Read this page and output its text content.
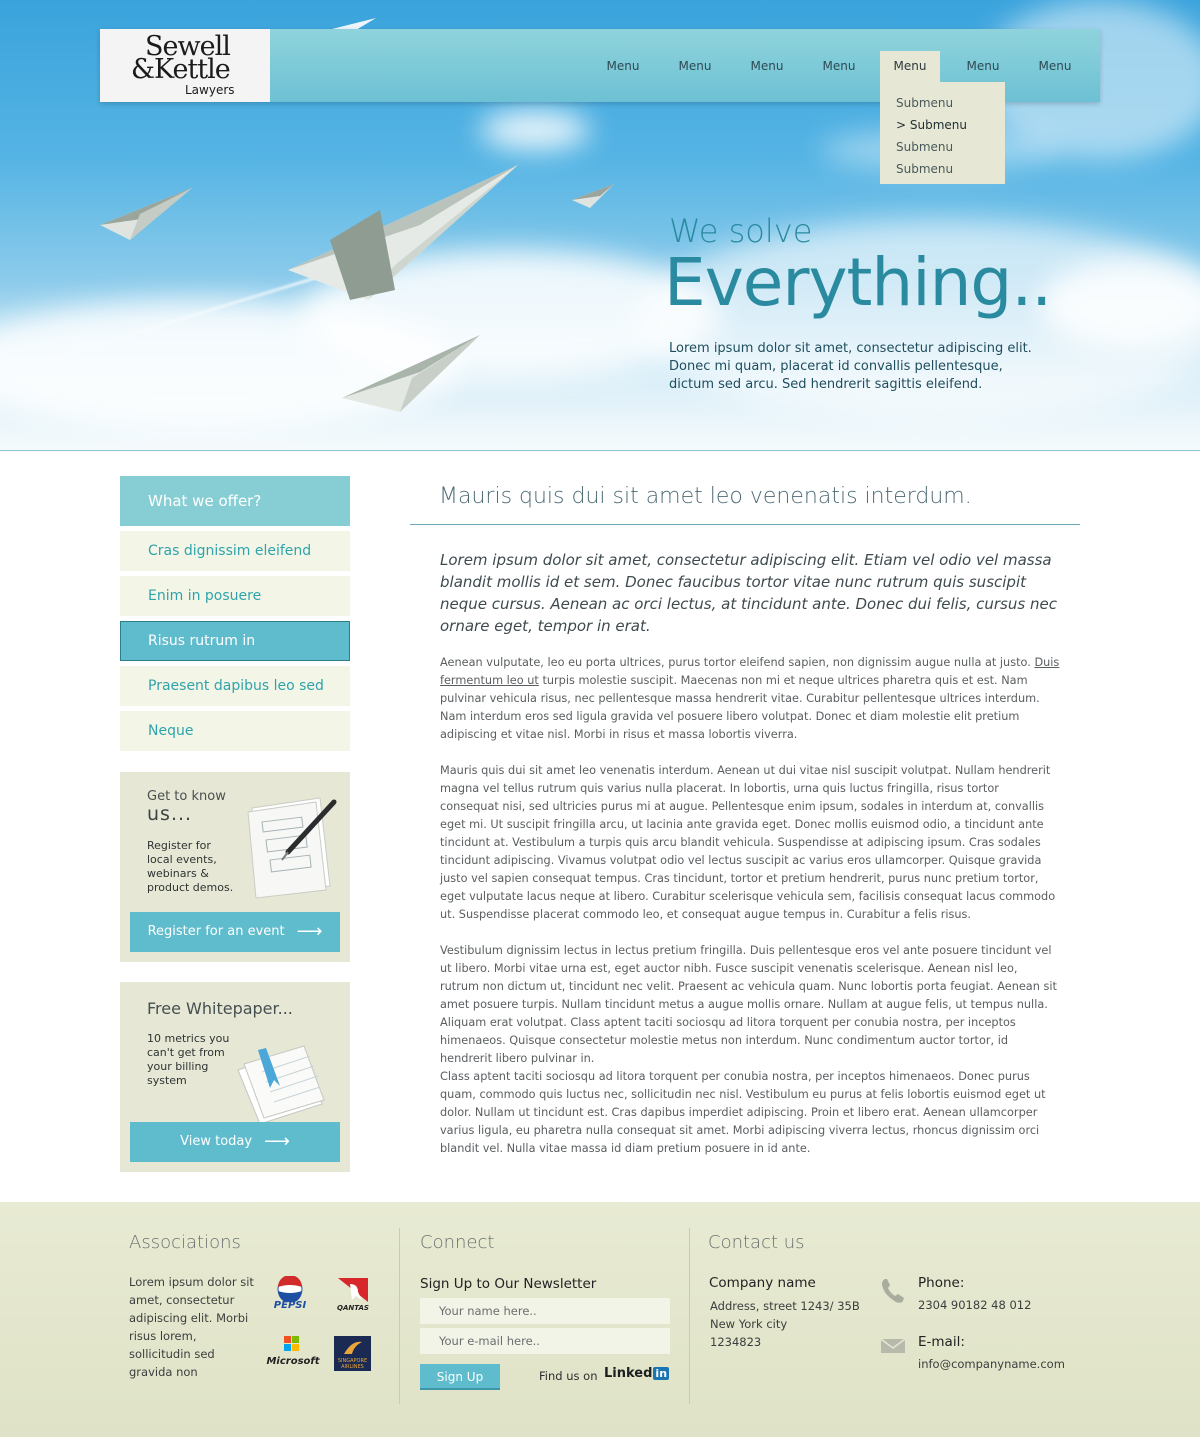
We solve
Everything..
Lorem ipsum dolor sit amet, consectetur adipiscing elit. Donec mi quam, placerat id convallis pellentesque, dictum sed arcu. Sed hendrerit sagittis eleifend.
Sewell
&Kettle
Lawyers
Menu	Menu	Menu	Menu	Menu	Menu	Menu
Submenu
> Submenu
Submenu
Submenu
What we offer?
Cras dignissim eleifend
Enim in posuere
Risus rutrum in
Praesent dapibus leo sed
Neque
Get to know
us...
Register for
local events,
webinars &
product demos.
Register for an event ⟶
Free Whitepaper...
10 metrics you
can't get from
your billing
system
View today ⟶
Mauris quis dui sit amet leo venenatis interdum.
Lorem ipsum dolor sit amet, consectetur adipiscing elit. Etiam vel odio vel massa blandit mollis id et sem. Donec faucibus tortor vitae nunc rutrum quis suscipit neque cursus. Aenean ac orci lectus, at tincidunt ante. Donec dui felis, cursus nec ornare eget, tempor in erat.
Aenean vulputate, leo eu porta ultrices, purus tortor eleifend sapien, non dignissim augue nulla at justo. Duis fermentum leo ut turpis molestie suscipit. Maecenas non mi et neque ultrices pharetra quis et est. Nam pulvinar vehicula risus, nec pellentesque massa hendrerit vitae. Curabitur pellentesque ultrices interdum. Nam interdum eros sed ligula gravida vel posuere libero volutpat. Donec et diam molestie elit pretium adipiscing et vitae nisl. Morbi in risus et massa lobortis viverra.
Mauris quis dui sit amet leo venenatis interdum. Aenean ut dui vitae nisl suscipit volutpat. Nullam hendrerit magna vel tellus rutrum quis varius nulla placerat. In lobortis, urna quis luctus fringilla, risus tortor consequat nisi, sed ultricies purus mi at augue. Pellentesque enim ipsum, sodales in interdum at, convallis eget mi. Ut suscipit fringilla arcu, ut lacinia ante gravida eget. Donec mollis euismod odio, a tincidunt ante tincidunt at. Vestibulum a turpis quis arcu blandit vehicula. Suspendisse at adipiscing ipsum. Cras sodales tincidunt adipiscing. Vivamus volutpat odio vel lectus suscipit ac varius eros ullamcorper. Quisque gravida justo vel sapien consequat tempus. Cras tincidunt, tortor et pretium hendrerit, purus nunc pretium tortor, eget vulputate lacus neque at libero. Curabitur scelerisque vehicula sem, facilisis consequat lacus commodo ut. Suspendisse placerat commodo leo, et consequat augue tempus in. Curabitur a felis risus.
Vestibulum dignissim lectus in lectus pretium fringilla. Duis pellentesque eros vel ante posuere tincidunt vel ut libero. Morbi vitae urna est, eget auctor nibh. Fusce suscipit venenatis scelerisque. Aenean nisl leo, rutrum non dictum ut, tincidunt nec velit. Praesent ac vehicula quam. Nunc lobortis porta feugiat. Aenean sit amet posuere turpis. Nullam tincidunt metus a augue mollis ornare. Nullam at augue felis, ut tempus nulla. Aliquam erat volutpat. Class aptent taciti sociosqu ad litora torquent per conubia nostra, per inceptos himenaeos. Quisque consectetur molestie metus non interdum. Nunc condimentum auctor tortor, id hendrerit libero pulvinar in.
Class aptent taciti sociosqu ad litora torquent per conubia nostra, per inceptos himenaeos. Donec purus quam, commodo quis luctus nec, sollicitudin nec nisl. Vestibulum eu purus at felis lobortis euismod eget ut dolor. Nullam ut tincidunt est. Cras dapibus imperdiet adipiscing. Proin et libero erat. Aenean ullamcorper varius ligula, eu pharetra nulla consequat sit amet. Morbi adipiscing viverra lectus, rhoncus dignissim orci blandit vel. Nulla vitae massa id diam pretium posuere in id ante.
Associations	Connect	Contact us
Lorem ipsum dolor sit amet, consectetur adipiscing elit. Morbi risus lorem, sollicitudin sed gravida non
PEPSI	QANTAS
Microsoft	SINGAPORE AIRLINES
Sign Up to Our Newsletter
Your name here..
Your e-mail here..
Sign Up	Find us on Linked in
Company name
Address, street 1243/ 35B
New York city
1234823
Phone:
2304 90182 48 012
E-mail:
info@companyname.com
